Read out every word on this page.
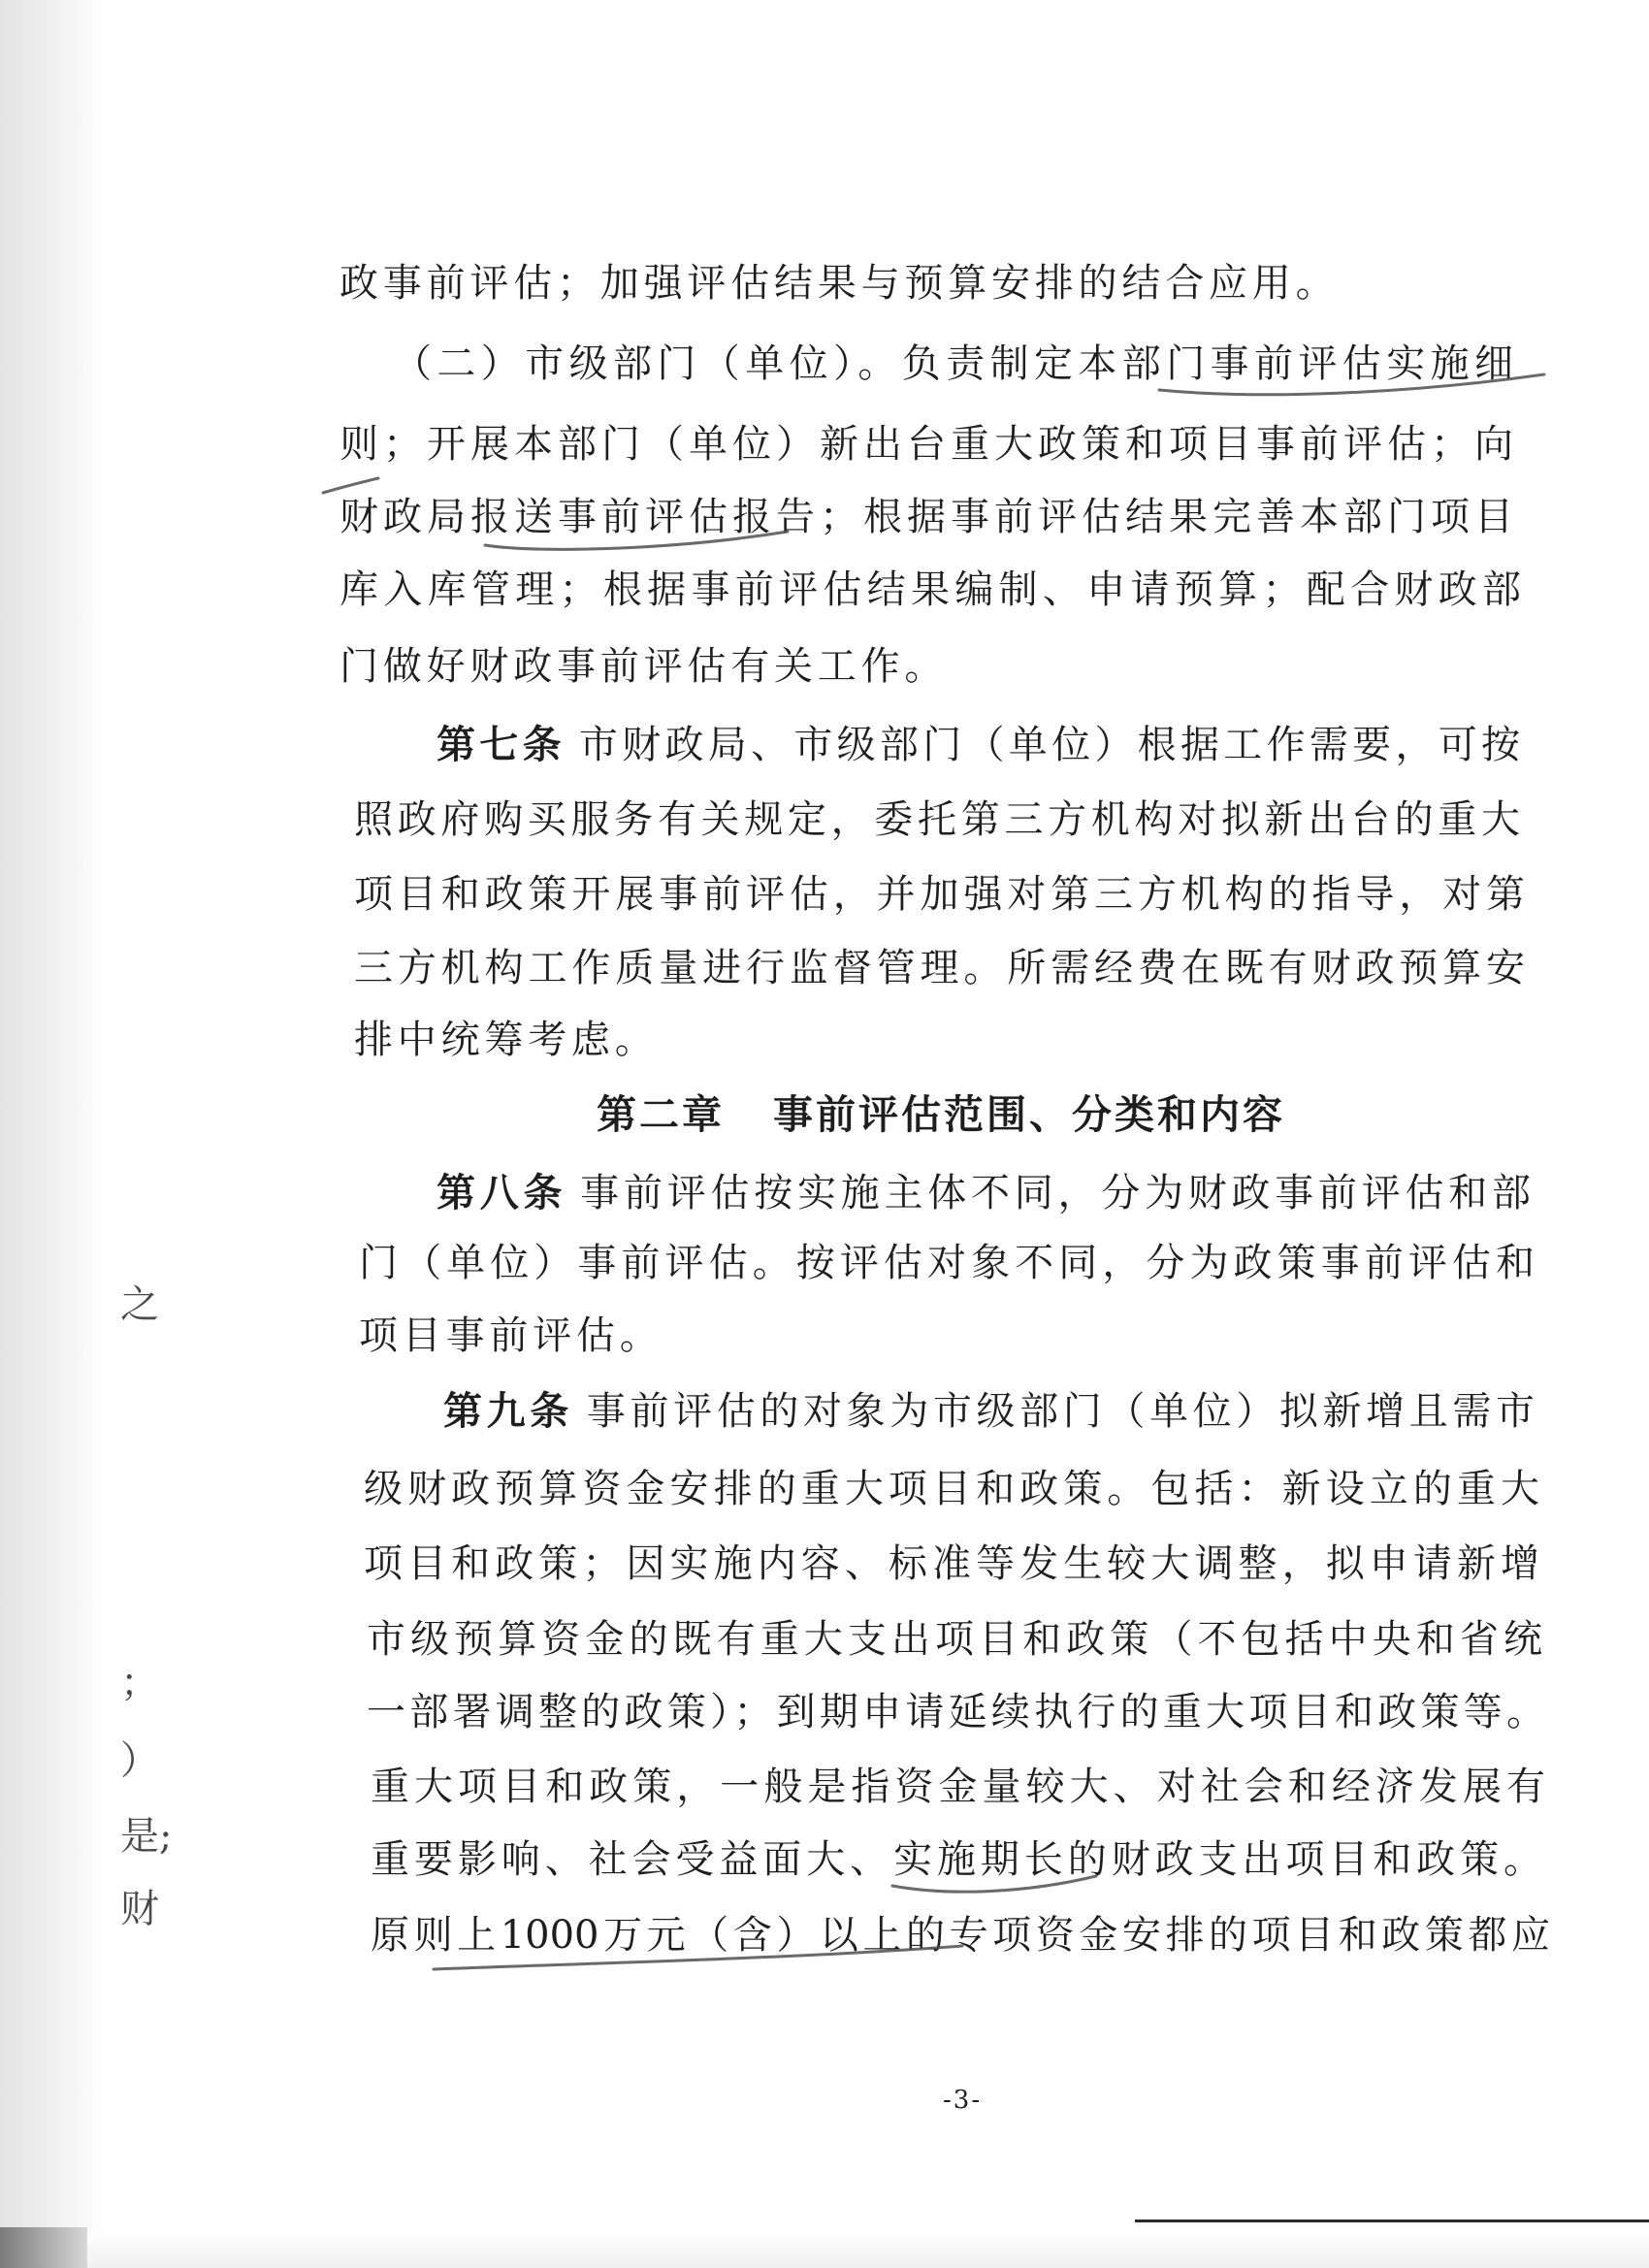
政事前评估；加强评估结果与预算安排的结合应用。
（二）市级部门（单位）。负责制定本部门事前评估实施细
则；开展本部门（单位）新出台重大政策和项目事前评估；向
财政局报送事前评估报告；根据事前评估结果完善本部门项目
库入库管理；根据事前评估结果编制、申请预算；配合财政部
门做好财政事前评估有关工作。
第七条 市财政局、市级部门（单位）根据工作需要，可按
照政府购买服务有关规定，委托第三方机构对拟新出台的重大
项目和政策开展事前评估，并加强对第三方机构的指导，对第
三方机构工作质量进行监督管理。所需经费在既有财政预算安
排中统筹考虑。
第二章 事前评估范围、分类和内容
第八条 事前评估按实施主体不同，分为财政事前评估和部
门（单位）事前评估。按评估对象不同，分为政策事前评估和
项目事前评估。
第九条 事前评估的对象为市级部门（单位）拟新增且需市
级财政预算资金安排的重大项目和政策。包括：新设立的重大
项目和政策；因实施内容、标准等发生较大调整，拟申请新增
市级预算资金的既有重大支出项目和政策（不包括中央和省统
一部署调整的政策）；到期申请延续执行的重大项目和政策等。
重大项目和政策，一般是指资金量较大、对社会和经济发展有
重要影响、社会受益面大、实施期长的财政支出项目和政策。
原则上1000万元（含）以上的专项资金安排的项目和政策都应
之
；
）
是;
财
-3-
